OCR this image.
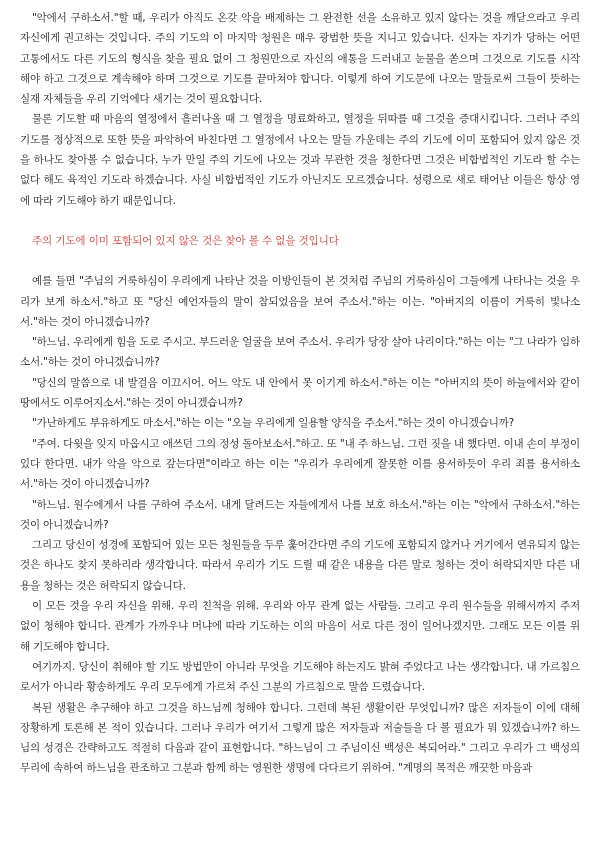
"악에서 구하소서."할 때, 우리가 아직도 온갖 악을 배제하는 그 완전한 선을 소유하고 있지 않다는 것을 깨닫으라고 우리 자신에게 권고하는 것입니다. 주의 기도의 이 마지막 청원은 매우 광범한 뜻을 지니고 있습니다. 신자는 자기가 당하는 어떤 고통에서도 다른 기도의 형식을 찾을 필요 없이 그 청원만으로 자신의 애통을 드러내고 눈물을 쏟으며 그것으로 기도를 시작해야 하고 그것으로 계속해야 하며 그것으로 기도를 끝마쳐야 합니다. 이렇게 하여 기도문에 나오는 말들로써 그들이 뜻하는 실재 자체들을 우리 기억에다 새기는 것이 필요합니다.

물론 기도할 때 마음의 열정에서 흘러나올 때 그 열정을 명료화하고, 열정을 뒤따를 때 그것을 증대시킵니다. 그러나 주의 기도를 정상적으로 또한 뜻을 파악하여 바친다면 그 열정에서 나오는 말들 가운데는 주의 기도에 이미 포함되어 있지 않은 것을 하나도 찾아볼 수 없습니다. 누가 만일 주의 기도에 나오는 것과 무관한 것을 청한다면 그것은 비합법적인 기도라 할 수는 없다 해도 육적인 기도라 하겠습니다. 사실 비합법적인 기도가 아닌지도 모르겠습니다. 성령으로 새로 태어난 이들은 항상 영에 따라 기도해야 하기 때문입니다.

주의 기도에 이미 포함되어 있지 않은 것은 찾아 볼 수 없을 것입니다

예를 들면 "주님의 거룩하심이 우리에게 나타난 것을 이방인들이 본 것처럼 주님의 거룩하심이 그들에게 나타나는 것을 우리가 보게 하소서."하고 또 "당신 예언자들의 말이 참되었음을 보여 주소서."하는 이는. "아버지의 이름이 거룩히 빛나소서."하는 것이 아니겠습니까?

"하느님. 우리에게 힘을 도로 주시고. 부드러운 얼굴을 보여 주소서. 우리가 당장 살아 나리이다."하는 이는 "그 나라가 임하소서."하는 것이 아니겠습니까?

"당신의 말씀으로 내 발걸음 이끄시어. 어느 악도 내 안에서 못 이기게 하소서."하는 이는 "아버지의 뜻이 하늘에서와 같이 땅에서도 이루어지소서."하는 것이 아니겠습니까?

"가난하게도 부유하게도 마소서."하는 이는 "오늘 우리에게 일용할 양식을 주소서."하는 것이 아니겠습니까?

"주여. 다윗을 잊지 마옵시고 애쓰던 그의 정성 돌아보소서."하고. 또 "내 주 하느님. 그런 짓을 내 했다면. 이내 손이 부정이 있다 한다면. 내가 악을 악으로 갚는다면"이라고 하는 이는 "우리가 우리에게 잘못한 이를 용서하듯이 우리 죄를 용서하소서."하는 것이 아니겠습니까?

"하느님. 원수에게서 나를 구하여 주소서. 내게 달려드는 자들에게서 나를 보호 하소서."하는 이는 "악에서 구하소서."하는 것이 아니겠습니까?

그리고 당신이 성경에 포함되어 있는 모든 청원들을 두루 훑어간다면 주의 기도에 포함되지 않거나 거기에서 연유되지 않는 것은 하나도 찾지 못하리라 생각합니다. 따라서 우리가 기도 드릴 때 같은 내용을 다른 말로 청하는 것이 허락되지만 다른 내용을 청하는 것은 허락되지 않습니다.

이 모든 것을 우리 자신을 위해. 우리 친척을 위해. 우리와 아무 관계 없는 사람들. 그리고 우리 원수들을 위해서까지 주저 없이 청해야 합니다. 관계가 가까우냐 머냐에 따라 기도하는 이의 마음이 서로 다른 정이 일어나겠지만. 그래도 모든 이를 위해 기도해야 합니다.

여기까지. 당신이 취해야 할 기도 방법만이 아니라 무엇을 기도해야 하는지도 밝혀 주었다고 나는 생각합니다. 내 가르침으로서가 아니라 황송하게도 우리 모두에게 가르쳐 주신 그분의 가르침으로 말씀 드렸습니다.

복된 생활은 추구해야 하고 그것을 하느님께 청해야 합니다. 그런데 복된 생활이란 무엇입니까? 많은 저자들이 이에 대해 장황하게 토론해 본 적이 있습니다. 그러나 우리가 여기서 그렇게 많은 저자들과 저술들을 다 볼 필요가 뭐 있겠습니까? 하느님의 성경은 간략하고도 적절히 다음과 같이 표현합니다. "하느님이 그 주님이신 백성은 복되어라." 그리고 우리가 그 백성의 무리에 속하여 하느님을 관조하고 그분과 함께 하는 영원한 생명에 다다르기 위하여. "계명의 목적은 깨끗한 마음과
